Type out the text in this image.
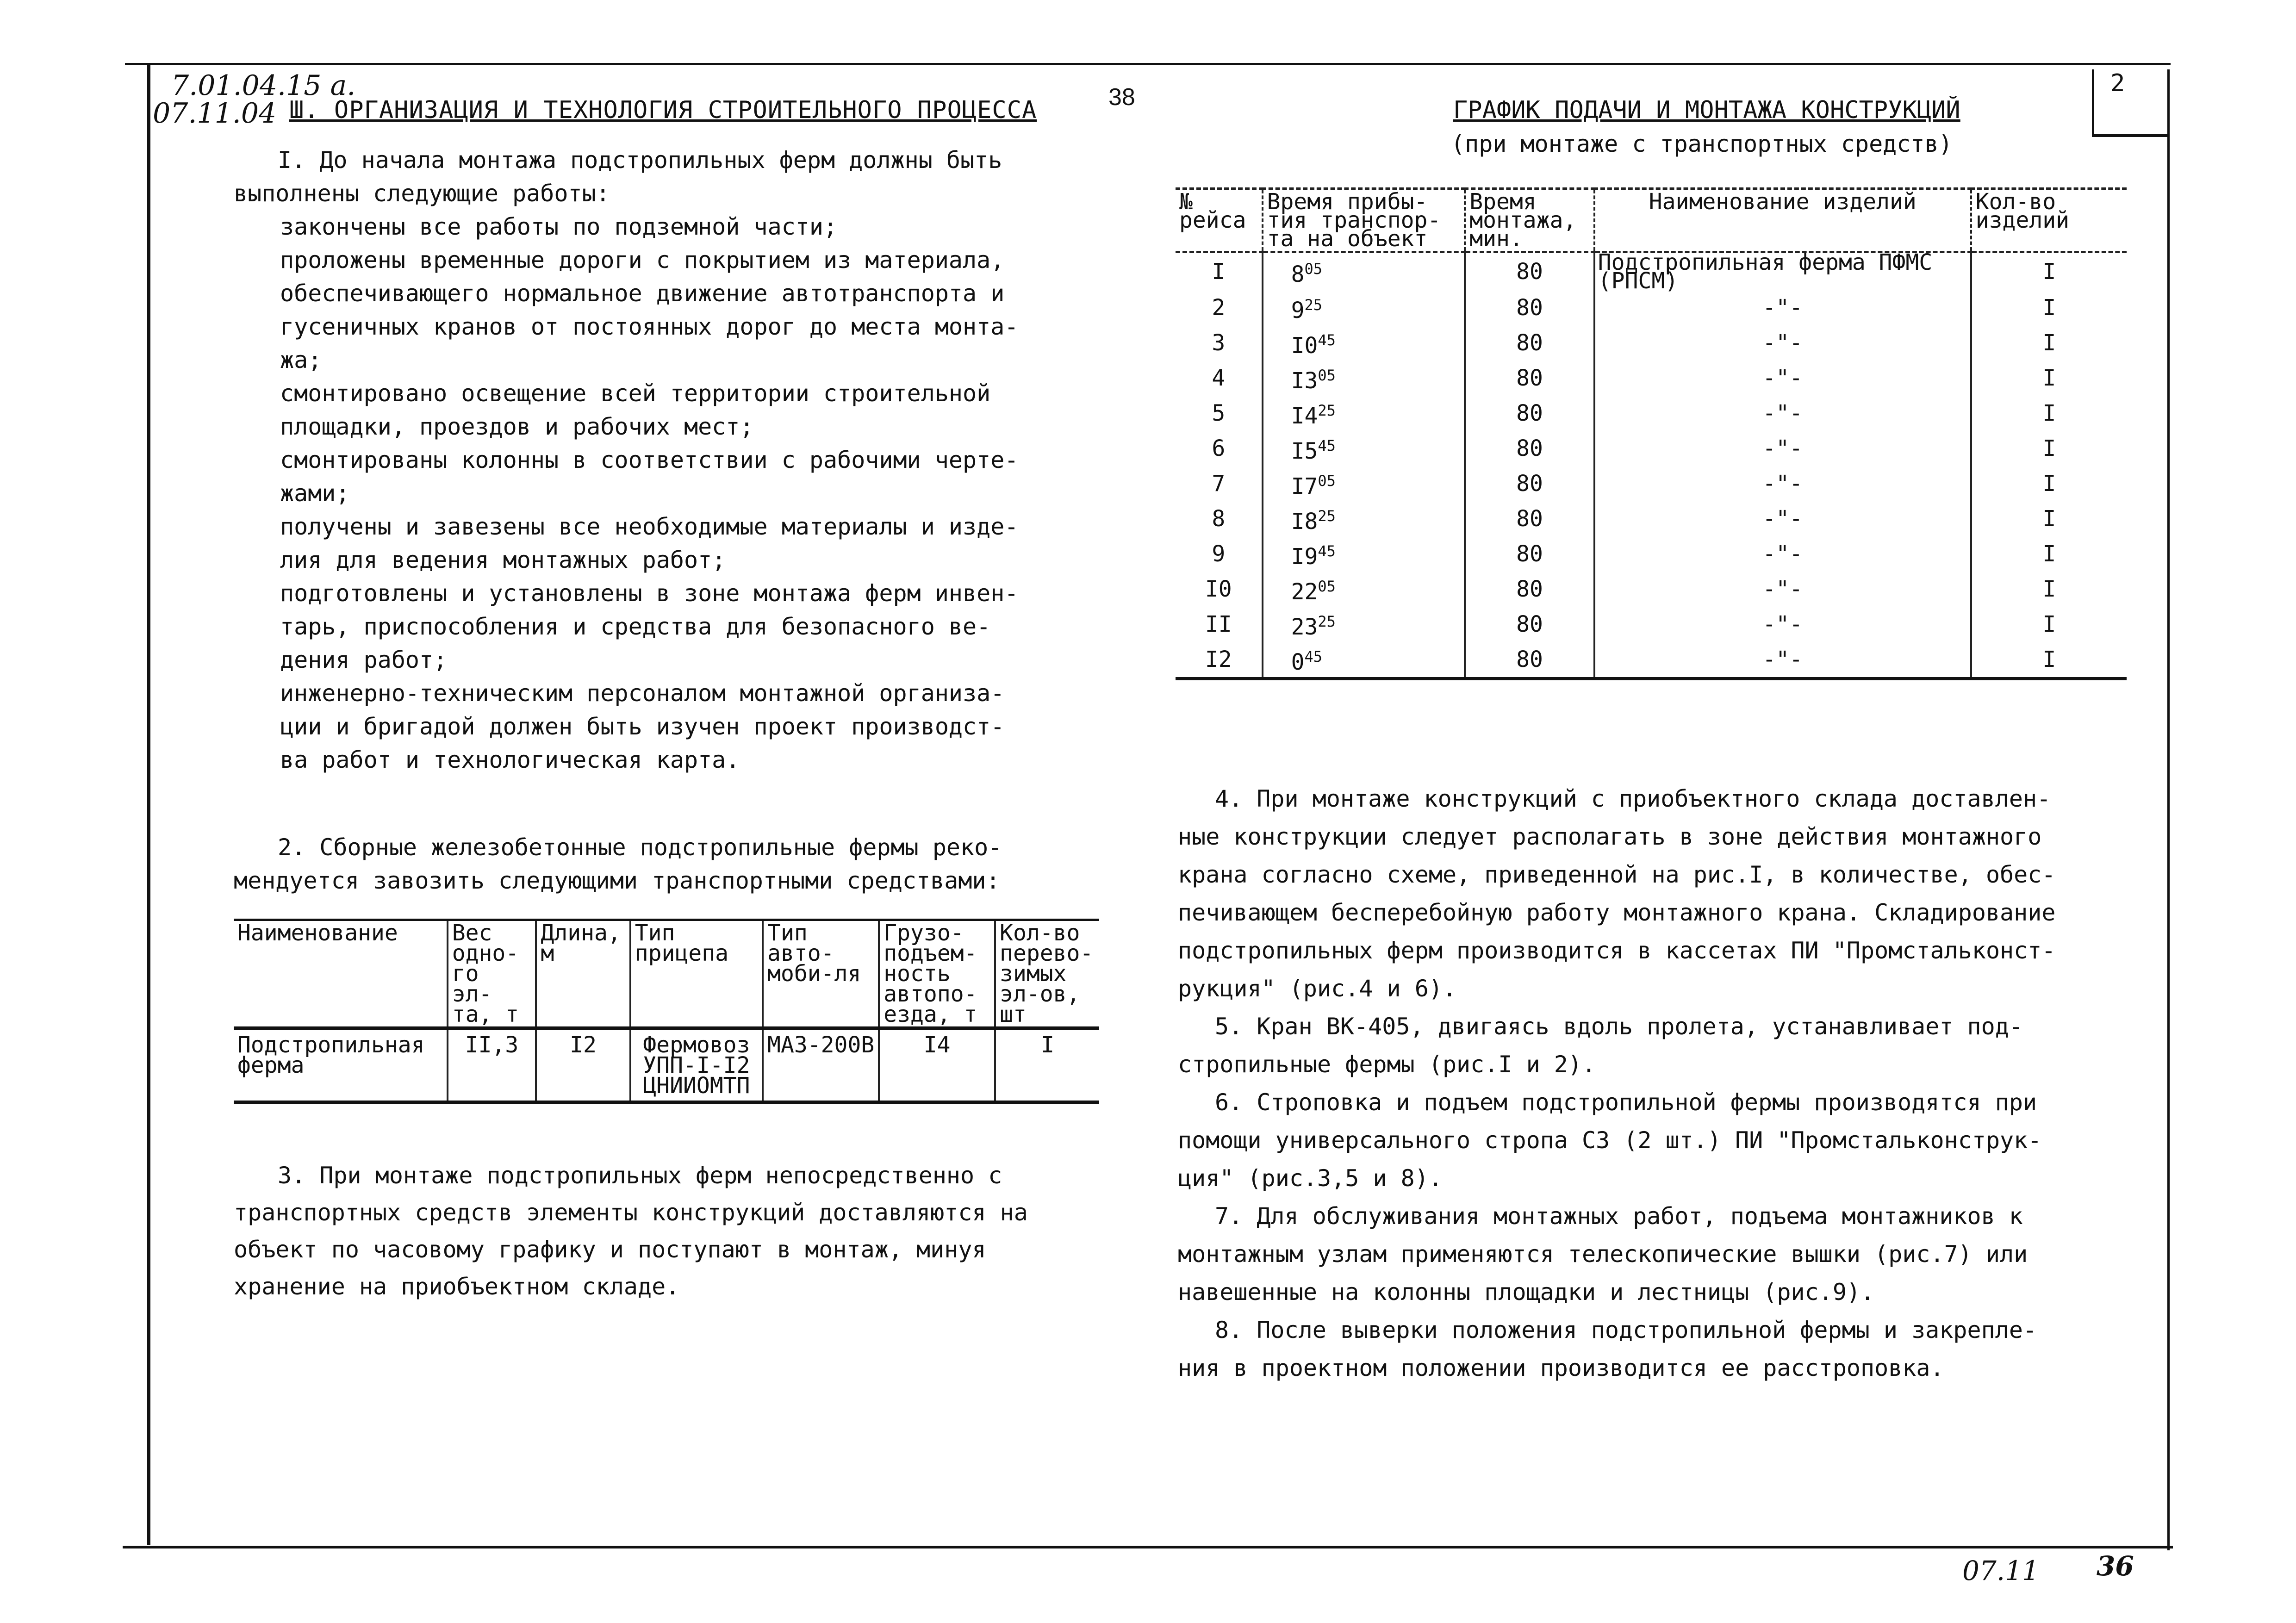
2
7.01.04.15 а.
07.11.04	38
Ш. ОРГАНИЗАЦИЯ И ТЕХНОЛОГИЯ СТРОИТЕЛЬНОГО ПРОЦЕССА

I. До начала монтажа подстропильных ферм должны быть

выполнены следующие работы:

закончены все работы по подземной части;

проложены временные дороги с покрытием из материала,

обеспечивающего нормальное движение автотранспорта и

гусеничных кранов от постоянных дорог до места монта-

жа;

смонтировано освещение всей территории строительной

площадки, проездов и рабочих мест;

смонтированы колонны в соответствии с рабочими черте-

жами;

получены и завезены все необходимые материалы и изде-

лия для ведения монтажных работ;

подготовлены и установлены в зоне монтажа ферм инвен-

тарь, приспособления и средства для безопасного ве-

дения работ;

инженерно-техническим персоналом монтажной организа-

ции и бригадой должен быть изучен проект производст-

ва работ и технологическая карта.

2. Сборные железобетонные подстропильные фермы реко-

мендуется завозить следующими транспортными средствами:

Наименование	Вес одно-го эл-та, т	Длина, м	Тип прицепа	Тип авто-моби-ля	Грузо-подъем-ность автопо-езда, т	Кол-во перево-зимых эл-ов, шт
Подстропильная ферма	II,3	I2	Фермовоз УПП-I-I2 ЦНИИОМТП	МАЗ-200В	I4	I

3. При монтаже подстропильных ферм непосредственно с

транспортных средств элементы конструкций доставляются на

объект по часовому графику и поступают в монтаж, минуя

хранение на приобъектном складе.

ГРАФИК ПОДАЧИ И МОНТАЖА КОНСТРУКЦИЙ
(при монтаже с транспортных средств)
№ рейса	Время прибы-тия транспор-та на объект	Время монтажа, мин.	Наименование изделий	Кол-во изделий
I	$8^{05}$	80	Подстропильная ферма ПФМС (РПСМ)	I
2	$9^{25}$	80	-"-	I
3	$I0^{45}$	80	-"-	I
4	$I3^{05}$	80	-"-	I
5	$I4^{25}$	80	-"-	I
6	$I5^{45}$	80	-"-	I
7	$I7^{05}$	80	-"-	I
8	$I8^{25}$	80	-"-	I
9	$I9^{45}$	80	-"-	I
I0	$22^{05}$	80	-"-	I
II	$23^{25}$	80	-"-	I
I2	$0^{45}$	80	-"-	I

4. При монтаже конструкций с приобъектного склада доставлен-

ные конструкции следует располагать в зоне действия монтажного

крана согласно схеме, приведенной на рис.I, в количестве, обес-

печивающем бесперебойную работу монтажного крана. Складирование

подстропильных ферм производится в кассетах ПИ "Промстальконст-

рукция" (рис.4 и 6).

5. Кран ВК-405, двигаясь вдоль пролета, устанавливает под-

стропильные фермы (рис.I и 2).

6. Строповка и подъем подстропильной фермы производятся при

помощи универсального стропа СЗ (2 шт.) ПИ "Промстальконструк-

ция" (рис.3,5 и 8).

7. Для обслуживания монтажных работ, подъема монтажников к

монтажным узлам применяются телескопические вышки (рис.7) или

навешенные на колонны площадки и лестницы (рис.9).

8. После выверки положения подстропильной фермы и закрепле-

ния в проектном положении производится ее расстроповка.

07.11 36
